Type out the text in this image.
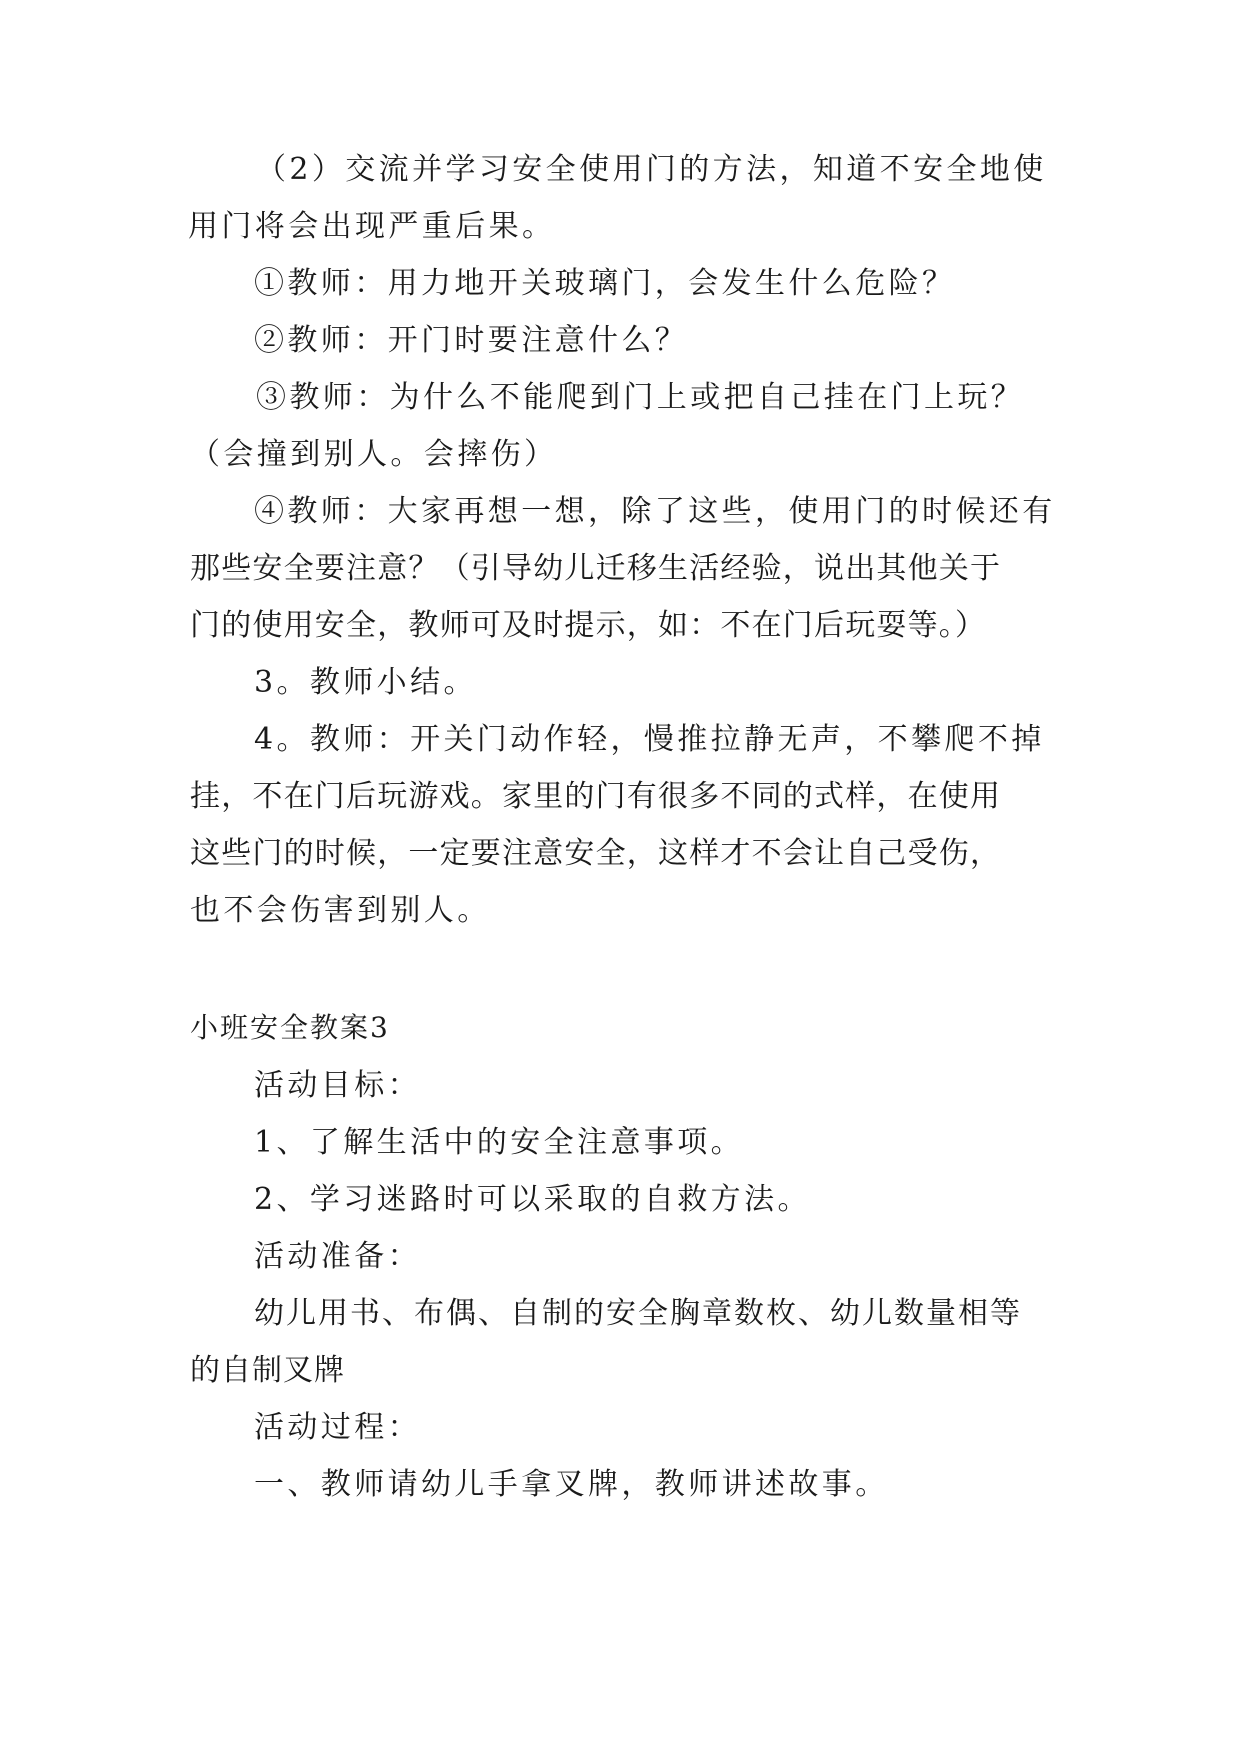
（2）交流并学习安全使用门的方法，知道不安全地使
用门将会出现严重后果。
①教师：用力地开关玻璃门，会发生什么危险？
②教师：开门时要注意什么？
③教师：为什么不能爬到门上或把自己挂在门上玩？
（会撞到别人。会摔伤）
④教师：大家再想一想，除了这些，使用门的时候还有
那些安全要注意？（引导幼儿迁移生活经验，说出其他关于
门的使用安全，教师可及时提示，如：不在门后玩耍等。）
3。教师小结。
4。教师：开关门动作轻，慢推拉静无声，不攀爬不掉
挂，不在门后玩游戏。家里的门有很多不同的式样，在使用
这些门的时候，一定要注意安全，这样才不会让自己受伤，
也不会伤害到别人。
小班安全教案3
活动目标：
1、了解生活中的安全注意事项。
2、学习迷路时可以采取的自救方法。
活动准备：
幼儿用书、布偶、自制的安全胸章数枚、幼儿数量相等
的自制叉牌
活动过程：
一、教师请幼儿手拿叉牌，教师讲述故事。
